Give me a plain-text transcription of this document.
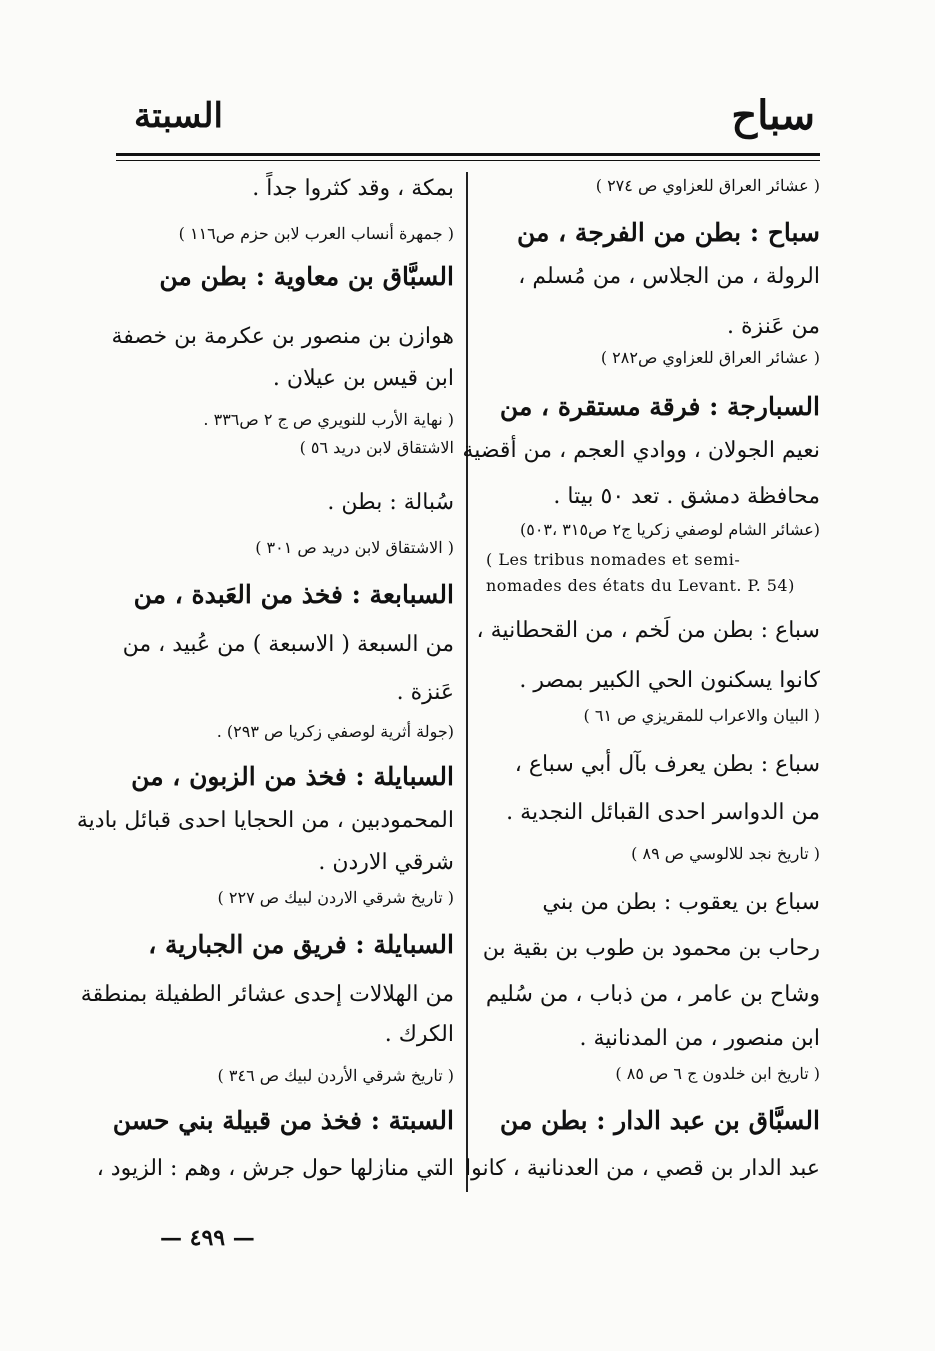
السبتة	سباح
( عشائر العراق للعزاوي ص ٢٧٤ )
سباح : بطن من الفرجة ، من
الرولة ، من الجلاس ، من مُسلم ،
من عَنزة .
( عشائر العراق للعزاوي ص٢٨٢ )
السبارجة : فرقة مستقرة ، من
نعيم الجولان ، ووادي العجم ، من أقضية
محافظة دمشق . تعد ٥٠ بيتا .
(عشائر الشام لوصفي زكريا ج٢ ص٣١٥ ،٥٠٣)
( Les tribus nomades et semi-
nomades des états du Levant. P. 54)
سباع : بطن من لَخم ، من القحطانية ،
كانوا يسكنون الحي الكبير بمصر .
( البيان والاعراب للمقريزي ص ٦١ )
سباع : بطن يعرف بآل أبي سباع ،
من الدواسر احدى القبائل النجدية .
( تاريخ نجد للالوسي ص ٨٩ )
سباع بن يعقوب : بطن من بني
رحاب بن محمود بن طوب بن بقية بن
وشاح بن عامر ، من ذباب ، من سُليم
ابن منصور ، من المدنانية .
( تاريخ ابن خلدون ج ٦ ص ٨٥ )
السبَّاق بن عبد الدار : بطن من
عبد الدار بن قصي ، من العدنانية ، كانوا
بمكة ، وقد كثروا جداً .
( جمهرة أنساب العرب لابن حزم ص١١٦ )
السبَّاق بن معاوية : بطن من
هوازن بن منصور بن عكرمة بن خصفة
ابن قيس بن عيلان .
( نهاية الأرب للنويري ص ج ٢ ص٣٣٦ .
الاشتقاق لابن دريد ٥٦ )
سُبالة : بطن .
( الاشتقاق لابن دريد ص ٣٠١ )
السبابعة : فخذ من العَبدة ، من
من السبعة ( الاسبعة ) من عُبيد ، من
عَنزة .
(جولة أثرية لوصفي زكريا ص ٢٩٣) .
السبايلة : فخذ من الزبون ، من
المحمودبين ، من الحجايا احدى قبائل بادية
شرقي الاردن .
( تاريخ شرقي الاردن لبيك ص ٢٢٧ )
السبايلة : فريق من الجبارية ،
من الهلالات إحدى عشائر الطفيلة بمنطقة
الكرك .
( تاريخ شرقي الأردن لبيك ص ٣٤٦ )
السبتة : فخذ من قبيلة بني حسن
التي منازلها حول جرش ، وهم : الزيود ،
— ٤٩٩ —
